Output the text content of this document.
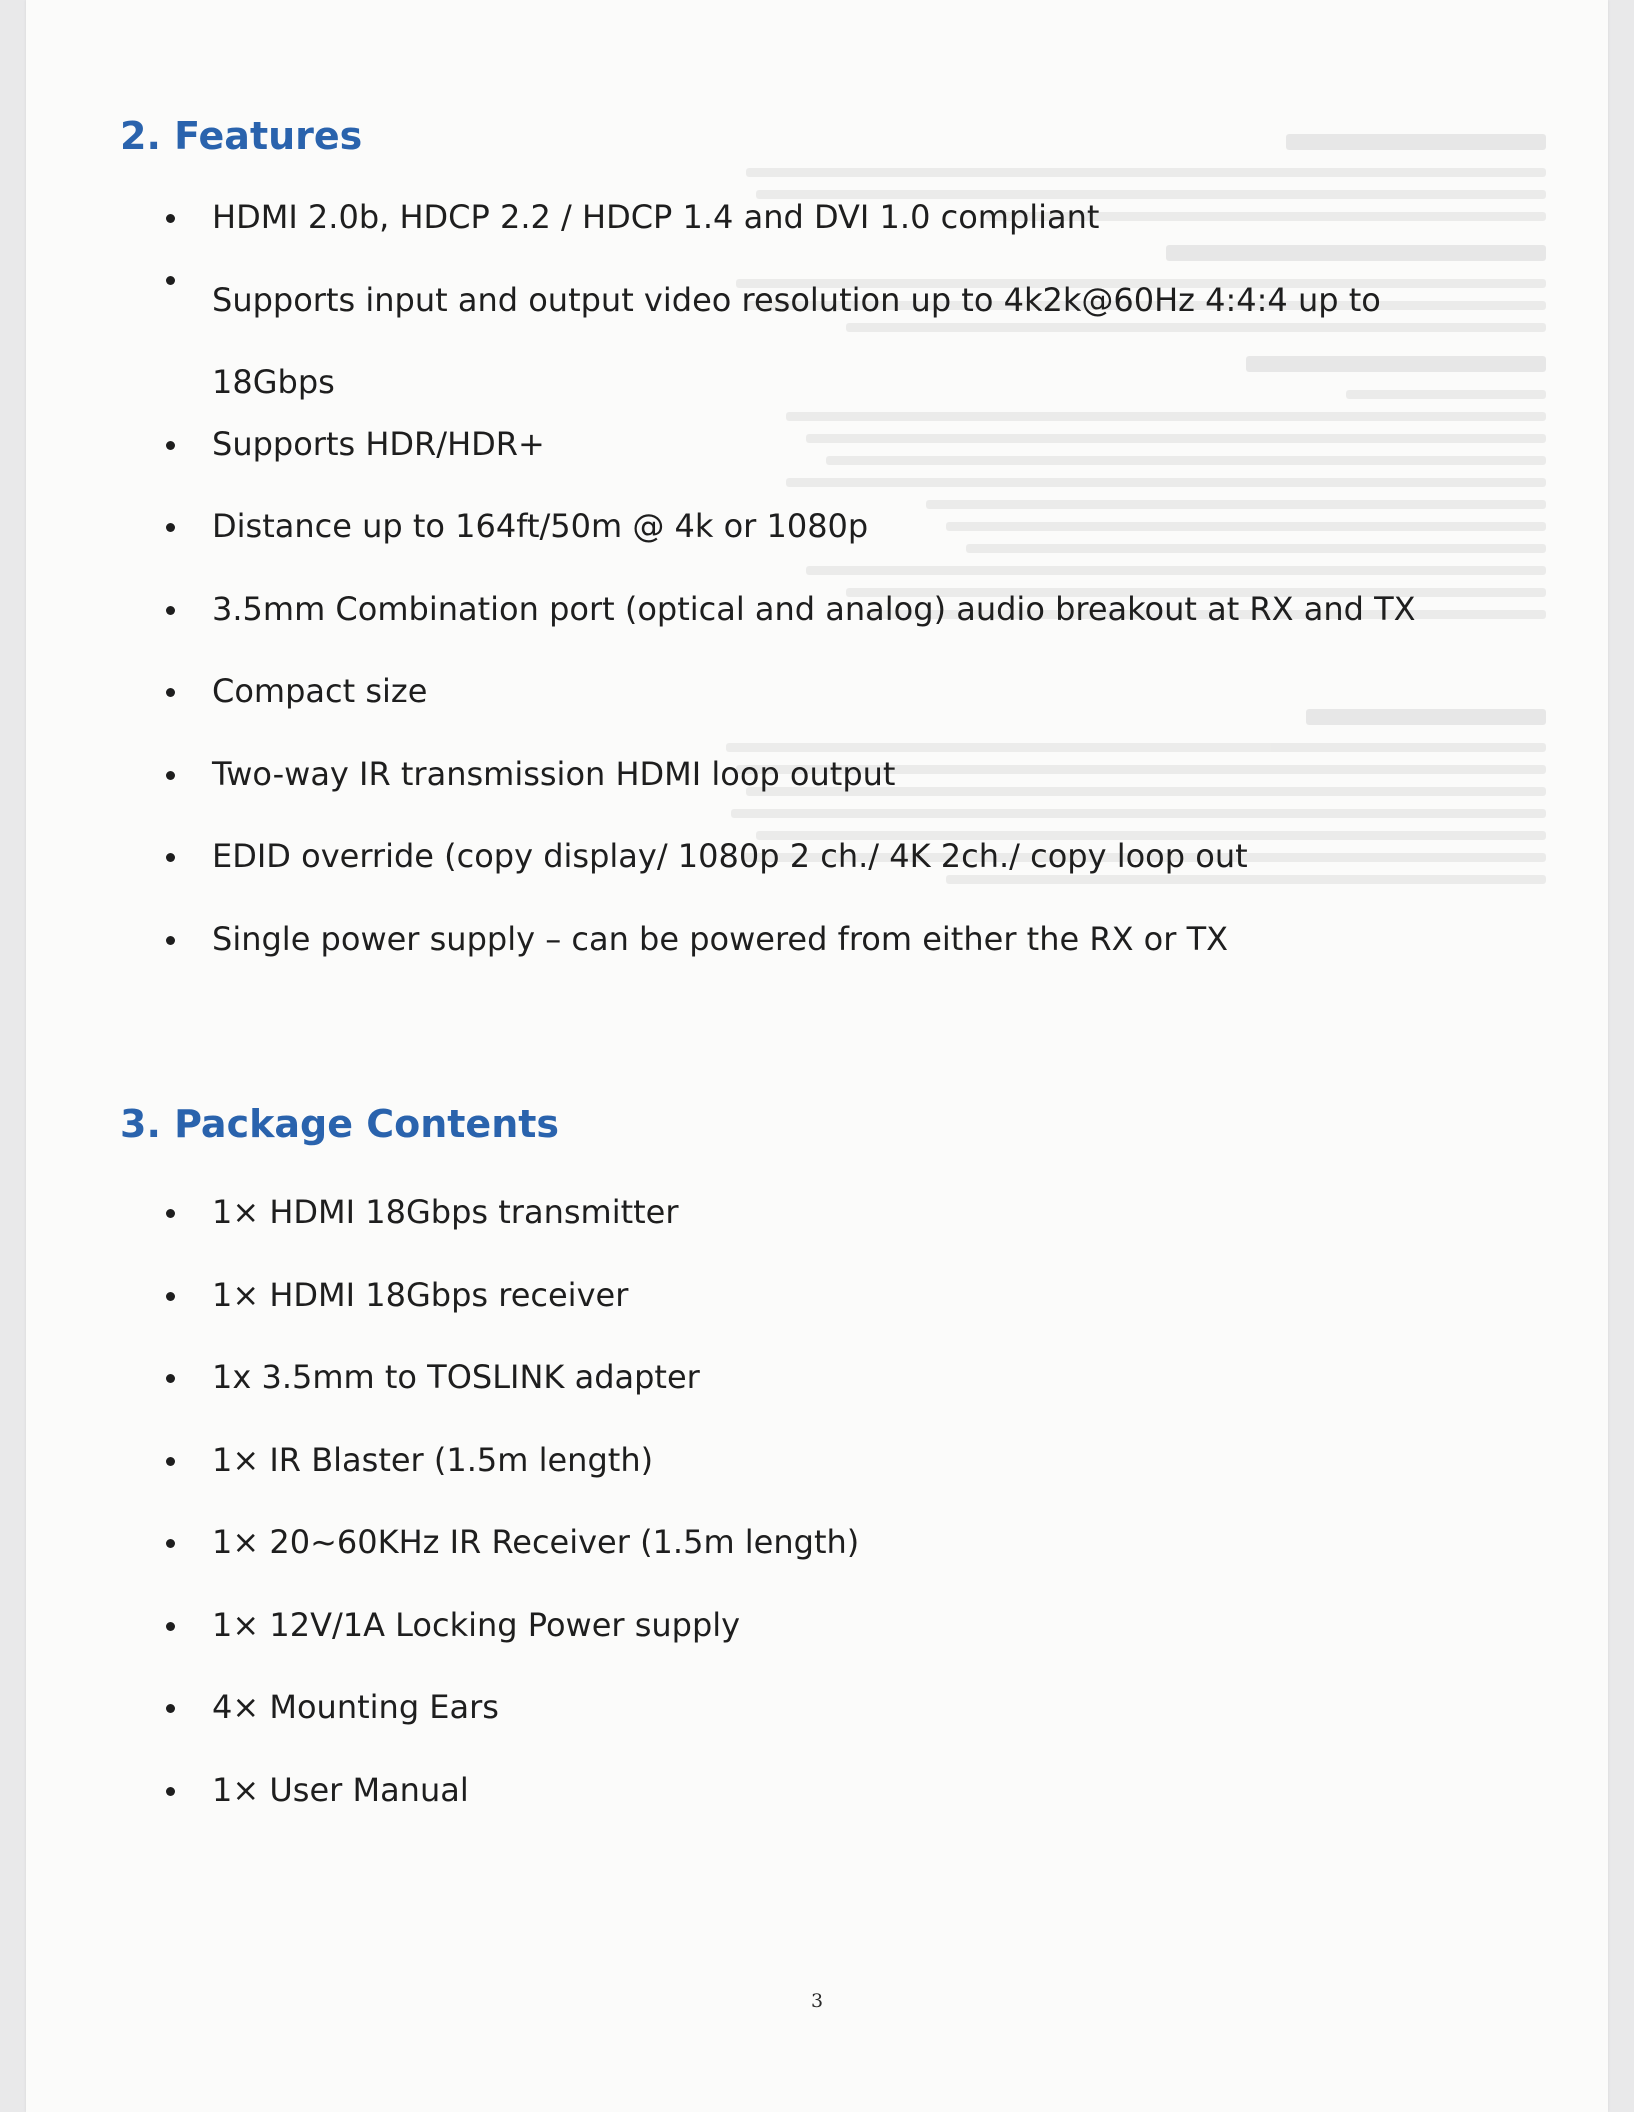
2. Features
HDMI 2.0b, HDCP 2.2 / HDCP 1.4 and DVI 1.0 compliant
Supports input and output video resolution up to 4k2k@60Hz 4:4:4 up to 18Gbps
Supports HDR/HDR+
Distance up to 164ft/50m @ 4k or 1080p
3.5mm Combination port (optical and analog) audio breakout at RX and TX
Compact size
Two-way IR transmission HDMI loop output
EDID override (copy display/ 1080p 2 ch./ 4K 2ch./ copy loop out
Single power supply – can be powered from either the RX or TX
3. Package Contents
1× HDMI 18Gbps transmitter
1× HDMI 18Gbps receiver
1x 3.5mm to TOSLINK adapter
1× IR Blaster (1.5m length)
1× 20~60KHz IR Receiver (1.5m length)
1× 12V/1A Locking Power supply
4× Mounting Ears
1× User Manual
3
